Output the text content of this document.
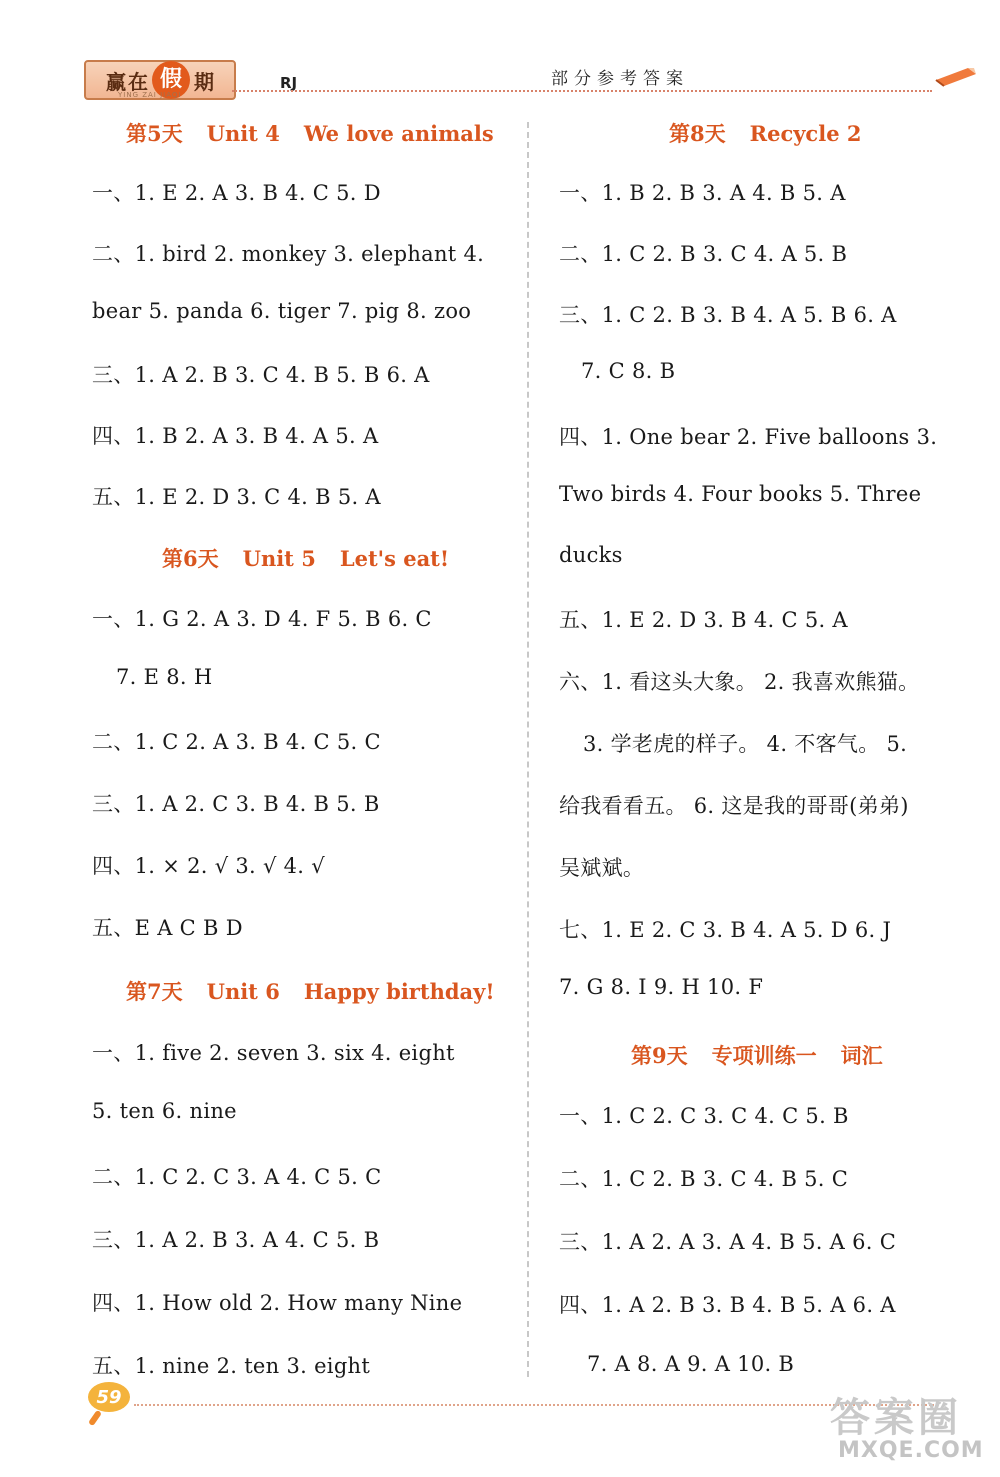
赢 在 假 期
YING ZAI JIAQI
RJ	部分参考答案
第5天 Unit 4 We love animals
一、1. E 2. A 3. B 4. C 5. D
二、1. bird 2. monkey 3. elephant 4.
bear 5. panda 6. tiger 7. pig 8. zoo
三、1. A 2. B 3. C 4. B 5. B 6. A
四、1. B 2. A 3. B 4. A 5. A
五、1. E 2. D 3. C 4. B 5. A
第6天 Unit 5 Let's eat!
一、1. G 2. A 3. D 4. F 5. B 6. C
7. E 8. H
二、1. C 2. A 3. B 4. C 5. C
三、1. A 2. C 3. B 4. B 5. B
四、1. × 2. √ 3. √ 4. √
五、E A C B D
第7天 Unit 6 Happy birthday!
一、1. five 2. seven 3. six 4. eight
5. ten 6. nine
二、1. C 2. C 3. A 4. C 5. C
三、1. A 2. B 3. A 4. C 5. B
四、1. How old 2. How many Nine
五、1. nine 2. ten 3. eight
第8天 Recycle 2
一、1. B 2. B 3. A 4. B 5. A
二、1. C 2. B 3. C 4. A 5. B
三、1. C 2. B 3. B 4. A 5. B 6. A
7. C 8. B
四、1. One bear 2. Five balloons 3.
Two birds 4. Four books 5. Three
ducks
五、1. E 2. D 3. B 4. C 5. A
六、1. 看这头大象。 2. 我喜欢熊猫。
3. 学老虎的样子。 4. 不客气。 5.
给我看看五。 6. 这是我的哥哥(弟弟)
吴斌斌。
七、1. E 2. C 3. B 4. A 5. D 6. J
7. G 8. I 9. H 10. F
第9天 专项训练一 词汇
一、1. C 2. C 3. C 4. C 5. B
二、1. C 2. B 3. C 4. B 5. C
三、1. A 2. A 3. A 4. B 5. A 6. C
四、1. A 2. B 3. B 4. B 5. A 6. A
7. A 8. A 9. A 10. B
59	答案圈
MXQE.COM
